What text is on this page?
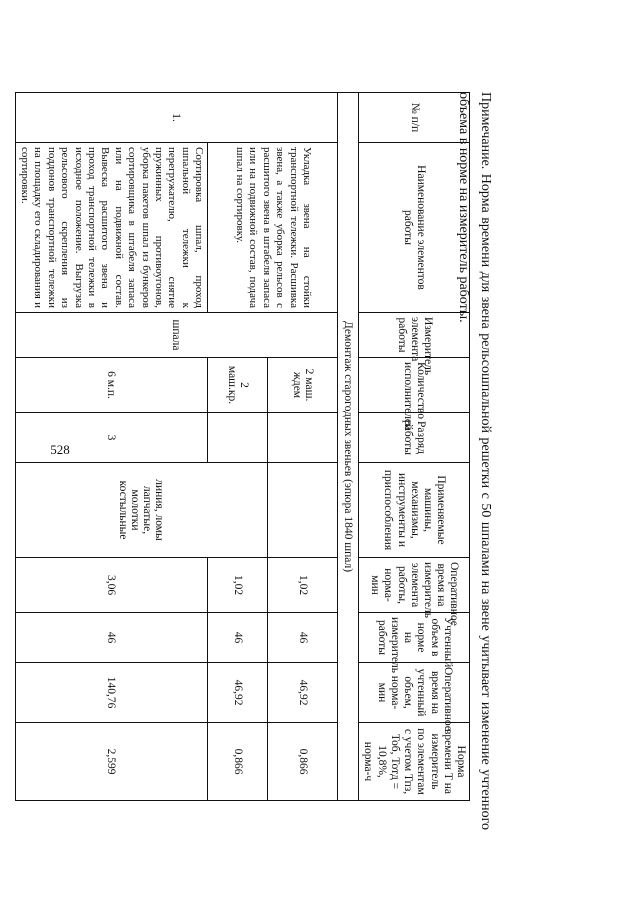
528
№ п/п	Наименование элементов работы	Измеритель элемента работы	Количество исполнителей	Разряд работы	Применяемые машины, механизмы, инструменты и приспособления	Оперативное время на измеритель элемента работы, норма-мин	Учтенный объем в норме на измеритель работы	Оперативное время на учтенный объем, норма-мин	Норма времени Т на измеритель по элементам с учетом Тпз, Тоб, Тотд = 10,8%, норма-ч
Демонтаж старогодных звеньев (эпюра 1840 шпал)									
1.	Укладка звена на стойки транспортной тележки. Расшивка звена, а также уборка рельсов с расшитого звена в штабеля запаса или на подвижной состав, подача шпал на сортировку.	шпала	2 маш. ждем			1,02	46	46,92	0,866
			2 маш.кр.		линия, ломы лапчатые, молотки костыльные	1,02	46	46,92	0,866
	Сортировка шпал, проход шпальной тележки к перегружателю, снятие пружинных противоугонов, уборка пакетов шпал из бункеров сортировщика в штабеля запаса или на подвижной состав. Вывеска расшитого звена и проход транспортной тележки в исходное положение. Выгрузка рельсового скрепления из поддонов транспортной тележки на площадку его складирования и сортировки.		6 м.п.	3		3,06	46	140,76	2,599	Примечание. Норма времени для звена рельсошпальной решетки с 50 шпалами на звене учитывает изменение учтенного объема в норме на измеритель работы.
